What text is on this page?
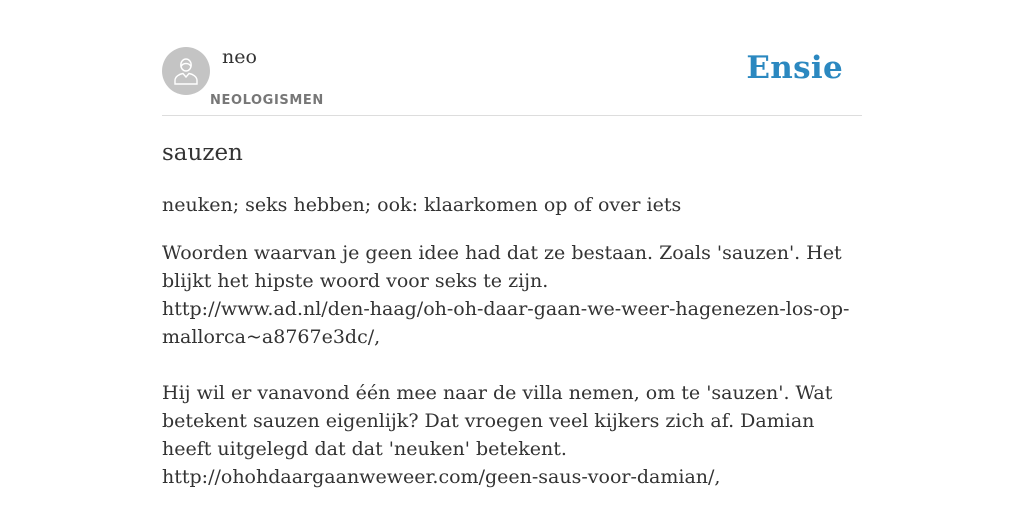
neo
NEOLOGISMEN
Ensie
sauzen
neuken; seks hebben; ook: klaarkomen op of over iets

Woorden waarvan je geen idee had dat ze bestaan. Zoals 'sauzen'. Het blijkt het hipste woord voor seks te zijn.

http://www.ad.nl/den-haag/oh-oh-daar-gaan-we-weer-hagenezen-los-op-mallorca~a8767e3dc/,

Hij wil er vanavond één mee naar de villa nemen, om te 'sauzen'. Wat betekent sauzen eigenlijk? Dat vroegen veel kijkers zich af. Damian heeft uitgelegd dat dat 'neuken' betekent.

http://ohohdaargaanweweer.com/geen-saus-voor-damian/,
